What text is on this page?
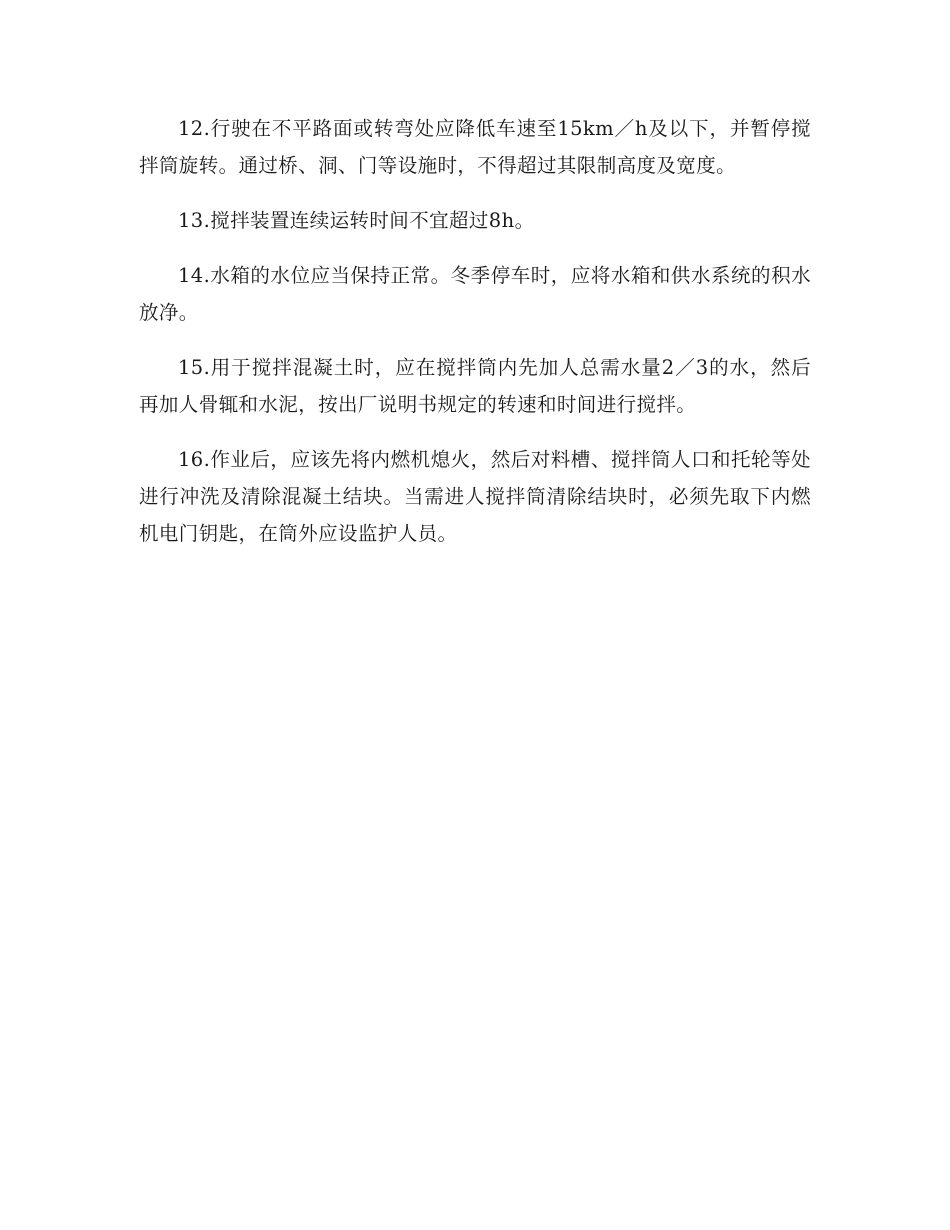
12.行驶在不平路面或转弯处应降低车速至15km／h及以下，并暂停搅拌筒旋转。通过桥、洞、门等设施时，不得超过其限制高度及宽度。

13.搅拌装置连续运转时间不宜超过8h。

14.水箱的水位应当保持正常。冬季停车时，应将水箱和供水系统的积水放净。

15.用于搅拌混凝土时，应在搅拌筒内先加人总需水量2／3的水，然后再加人骨辄和水泥，按出厂说明书规定的转速和时间进行搅拌。

16.作业后，应该先将内燃机熄火，然后对料槽、搅拌筒人口和托轮等处进行冲洗及清除混凝土结块。当需进人搅拌筒清除结块时，必须先取下内燃机电门钥匙，在筒外应设监护人员。
